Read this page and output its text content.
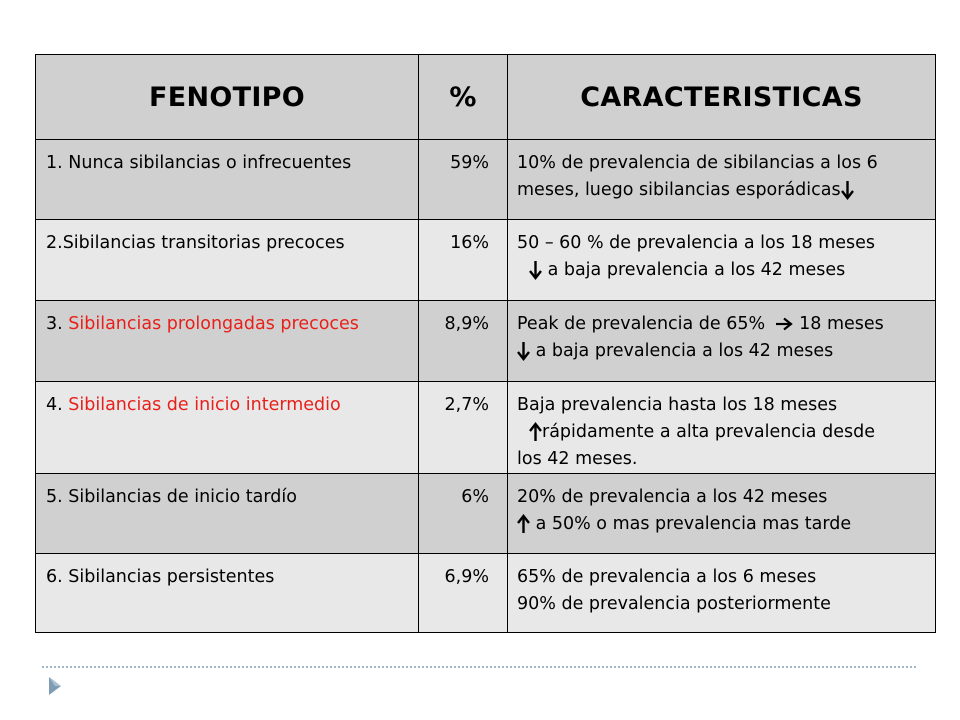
FENOTIPO	%	CARACTERISTICAS
1. Nunca sibilancias o infrecuentes	59%	10% de prevalencia de sibilancias a los 6
meses, luego sibilancias esporádicas

2.Sibilancias transitorias precoces	16%	50 – 60 % de prevalencia a los 18 meses
a baja prevalencia a los 42 meses

3. Sibilancias prolongadas precoces	8,9%	Peak de prevalencia de 65% 18 meses
a baja prevalencia a los 42 meses

4. Sibilancias de inicio intermedio	2,7%	Baja prevalencia hasta los 18 meses
rápidamente a alta prevalencia desde
los 42 meses.

5. Sibilancias de inicio tardío	6%	20% de prevalencia a los 42 meses
a 50% o mas prevalencia mas tarde

6. Sibilancias persistentes	6,9%	65% de prevalencia a los 6 meses
90% de prevalencia posteriormente
